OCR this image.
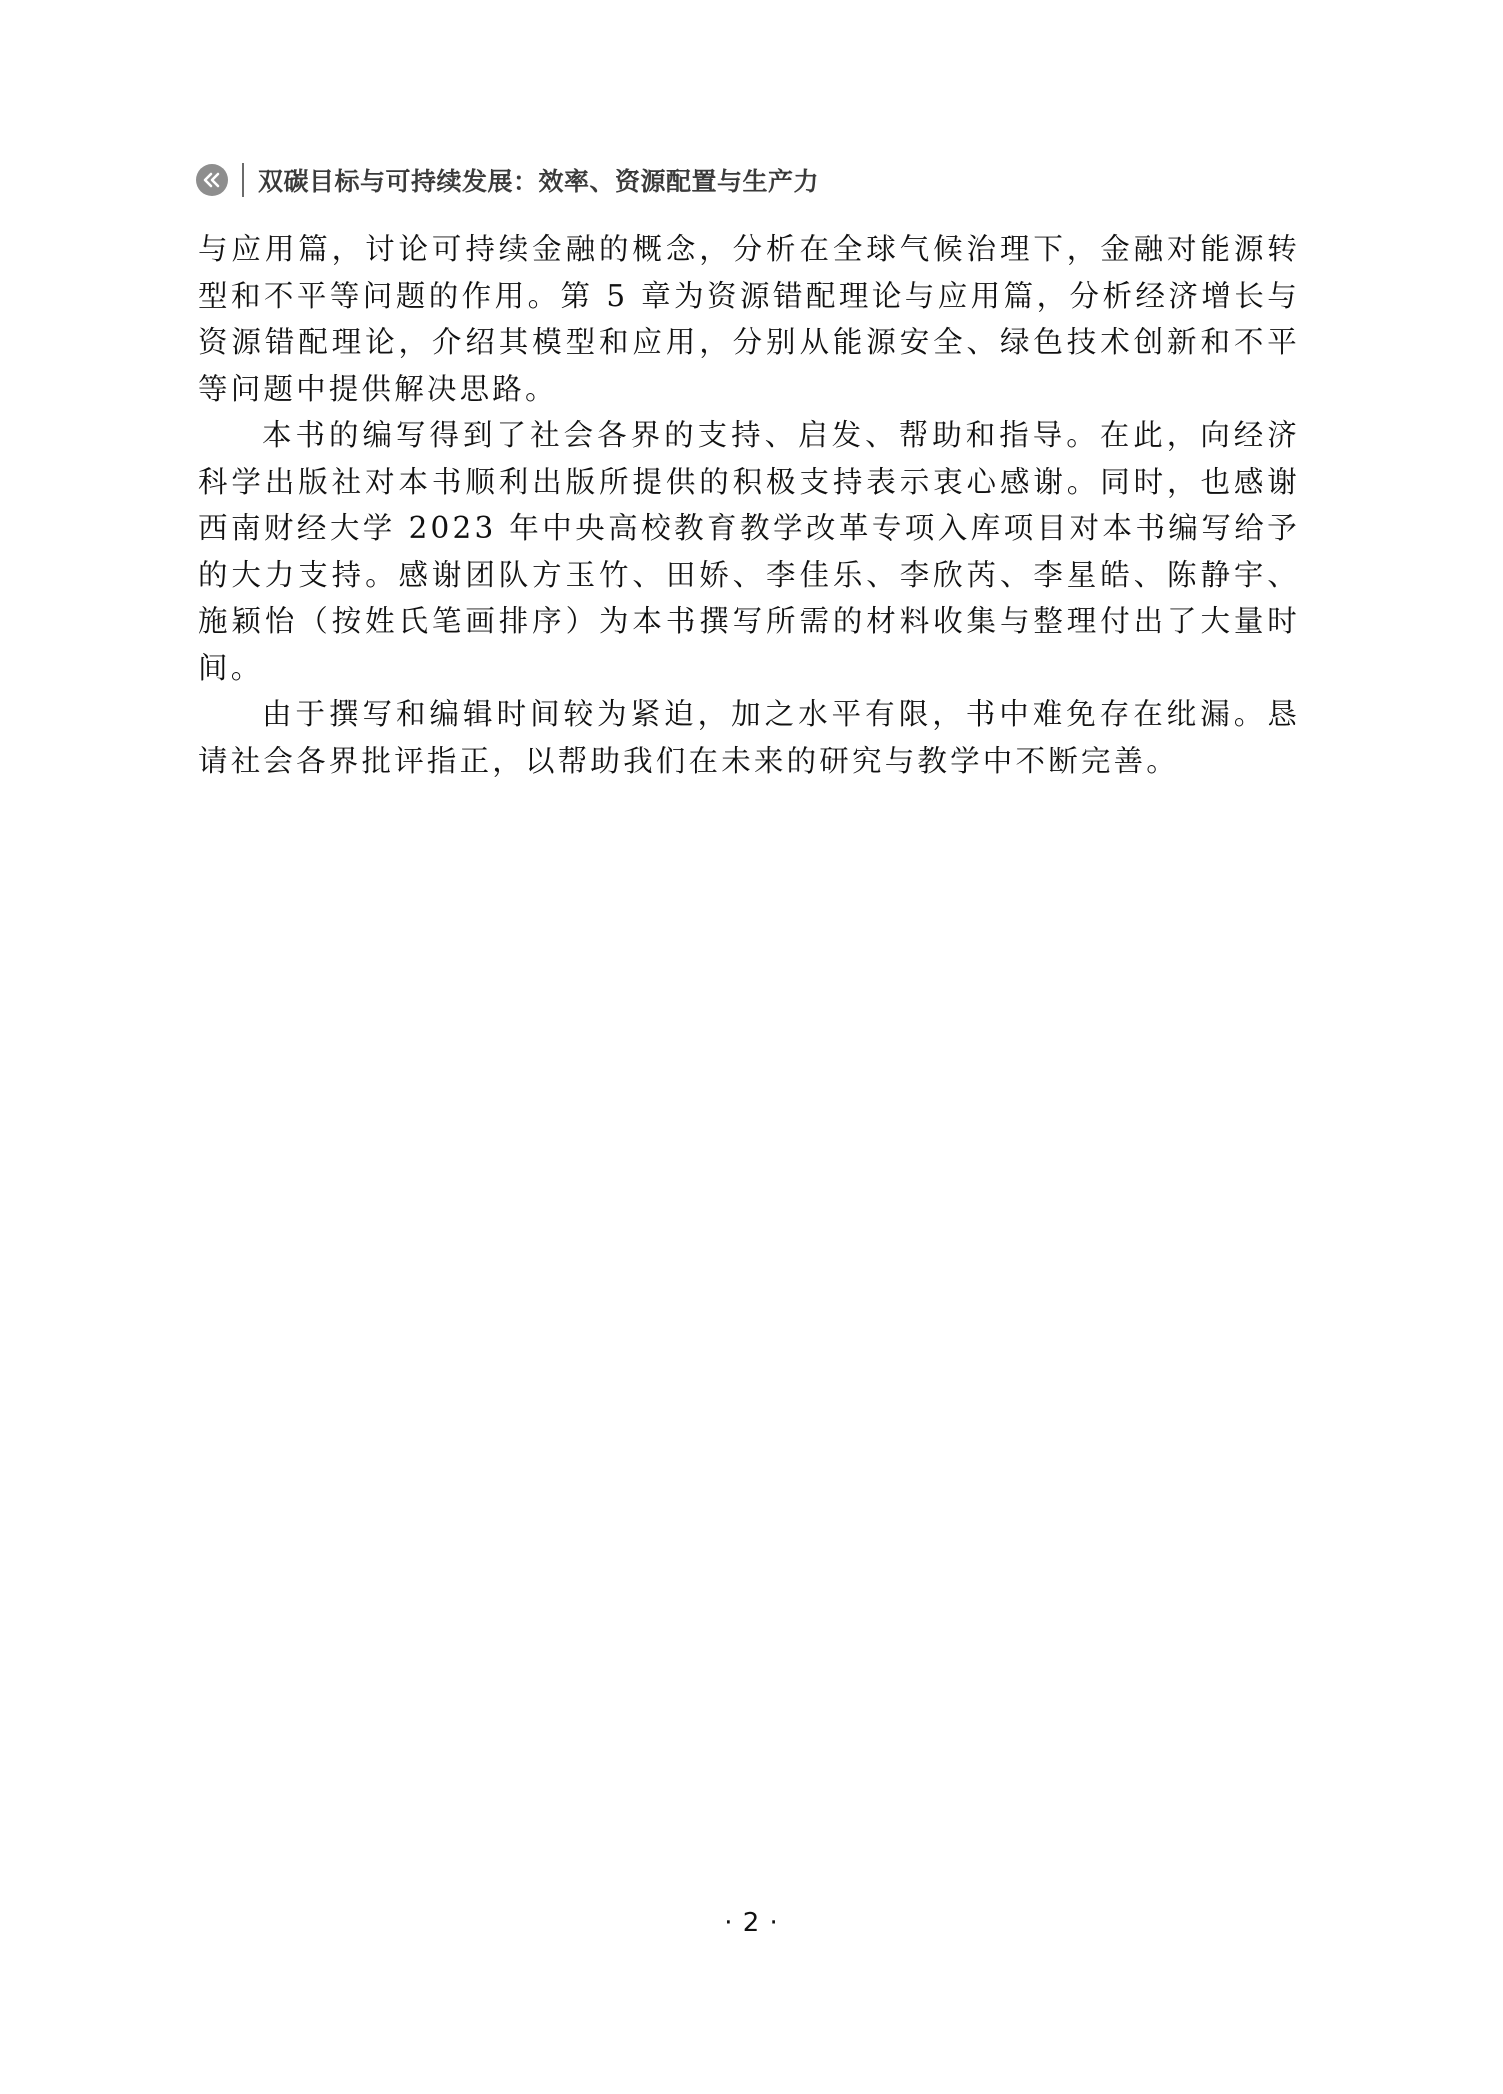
双碳目标与可持续发展：效率、资源配置与生产力

与应用篇，讨论可持续金融的概念，分析在全球气候治理下，金融对能源转型和不平等问题的作用。第 5 章为资源错配理论与应用篇，分析经济增长与资源错配理论，介绍其模型和应用，分别从能源安全、绿色技术创新和不平等问题中提供解决思路。

本书的编写得到了社会各界的支持、启发、帮助和指导。在此，向经济科学出版社对本书顺利出版所提供的积极支持表示衷心感谢。同时，也感谢西南财经大学 2023 年中央高校教育教学改革专项入库项目对本书编写给予的大力支持。感谢团队方玉竹、田娇、李佳乐、李欣芮、李星皓、陈静宇、施颖怡（按姓氏笔画排序）为本书撰写所需的材料收集与整理付出了大量时间。

由于撰写和编辑时间较为紧迫，加之水平有限，书中难免存在纰漏。恳请社会各界批评指正，以帮助我们在未来的研究与教学中不断完善。

· 2 ·
